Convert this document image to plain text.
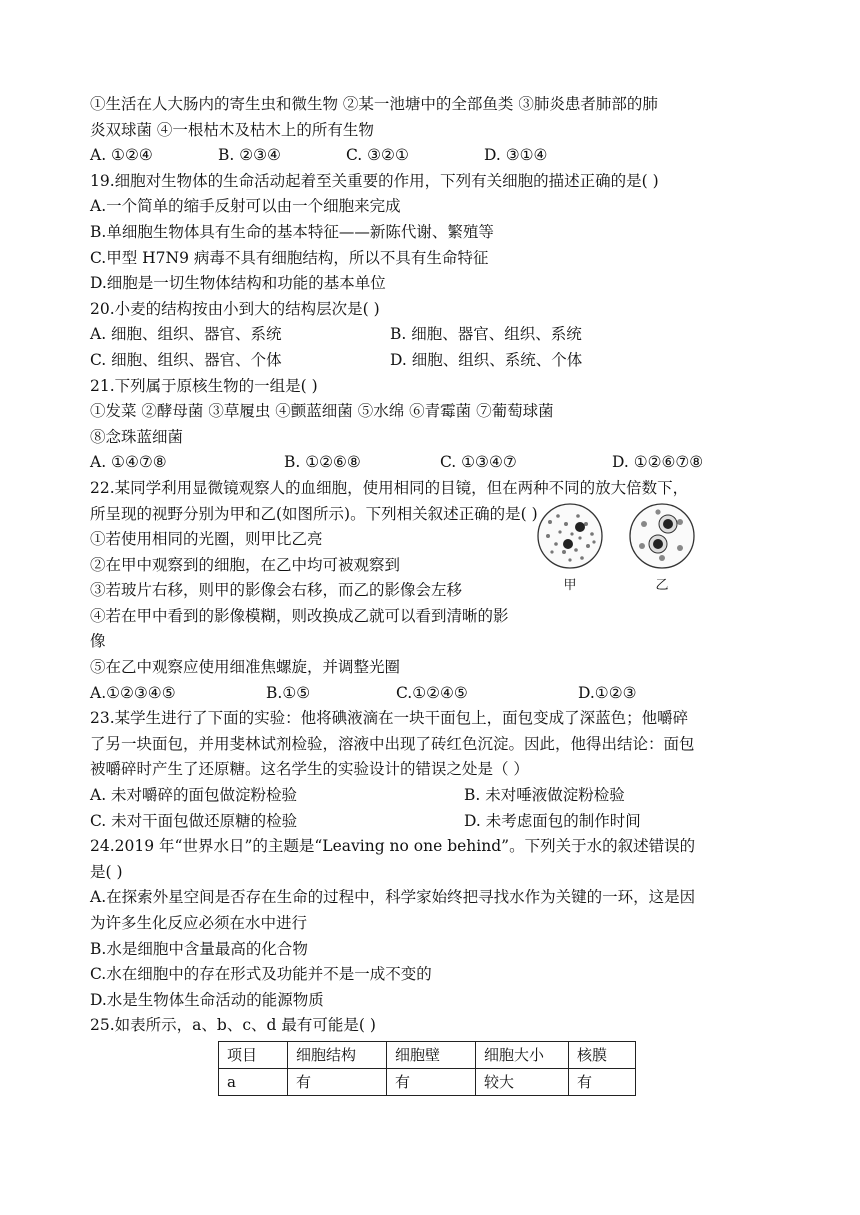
①生活在人大肠内的寄生虫和微生物 ②某一池塘中的全部鱼类 ③肺炎患者肺部的肺
炎双球菌 ④一根枯木及枯木上的所有生物
A. ①②④	B. ②③④	C. ③②①	D. ③①④
19.细胞对生物体的生命活动起着至关重要的作用，下列有关细胞的描述正确的是( )
A.一个简单的缩手反射可以由一个细胞来完成
B.单细胞生物体具有生命的基本特征——新陈代谢、繁殖等
C.甲型 H7N9 病毒不具有细胞结构，所以不具有生命特征
D.细胞是一切生物体结构和功能的基本单位
20.小麦的结构按由小到大的结构层次是( )
A. 细胞、组织、器官、系统	B. 细胞、器官、组织、系统
C. 细胞、组织、器官、个体	D. 细胞、组织、系统、个体
21.下列属于原核生物的一组是( )
①发菜 ②酵母菌 ③草履虫 ④颤蓝细菌 ⑤水绵 ⑥青霉菌 ⑦葡萄球菌
⑧念珠蓝细菌
A. ①④⑦⑧	B. ①②⑥⑧	C. ①③④⑦	D. ①②⑥⑦⑧
22.某同学利用显微镜观察人的血细胞，使用相同的目镜，但在两种不同的放大倍数下，
所呈现的视野分别为甲和乙(如图所示)。下列相关叙述正确的是( )
①若使用相同的光圈，则甲比乙亮
②在甲中观察到的细胞，在乙中均可被观察到
③若玻片右移，则甲的影像会右移，而乙的影像会左移
④若在甲中看到的影像模糊，则改换成乙就可以看到清晰的影像
⑤在乙中观察应使用细准焦螺旋，并调整光圈
甲	乙
A.①②③④⑤	B.①⑤	C.①②④⑤	D.①②③
23.某学生进行了下面的实验：他将碘液滴在一块干面包上，面包变成了深蓝色；他嚼碎
了另一块面包，并用斐林试剂检验，溶液中出现了砖红色沉淀。因此，他得出结论：面包
被嚼碎时产生了还原糖。这名学生的实验设计的错误之处是（ ）
A. 未对嚼碎的面包做淀粉检验	B. 未对唾液做淀粉检验
C. 未对干面包做还原糖的检验	D. 未考虑面包的制作时间
24.2019 年“世界水日”的主题是“Leaving no one behind”。下列关于水的叙述错误的
是( )
A.在探索外星空间是否存在生命的过程中，科学家始终把寻找水作为关键的一环，这是因
为许多生化反应必须在水中进行
B.水是细胞中含量最高的化合物
C.水在细胞中的存在形式及功能并不是一成不变的
D.水是生物体生命活动的能源物质
25.如表所示，a、b、c、d 最有可能是( )
项目	细胞结构	细胞壁	细胞大小	核膜
a	有	有	较大	有
